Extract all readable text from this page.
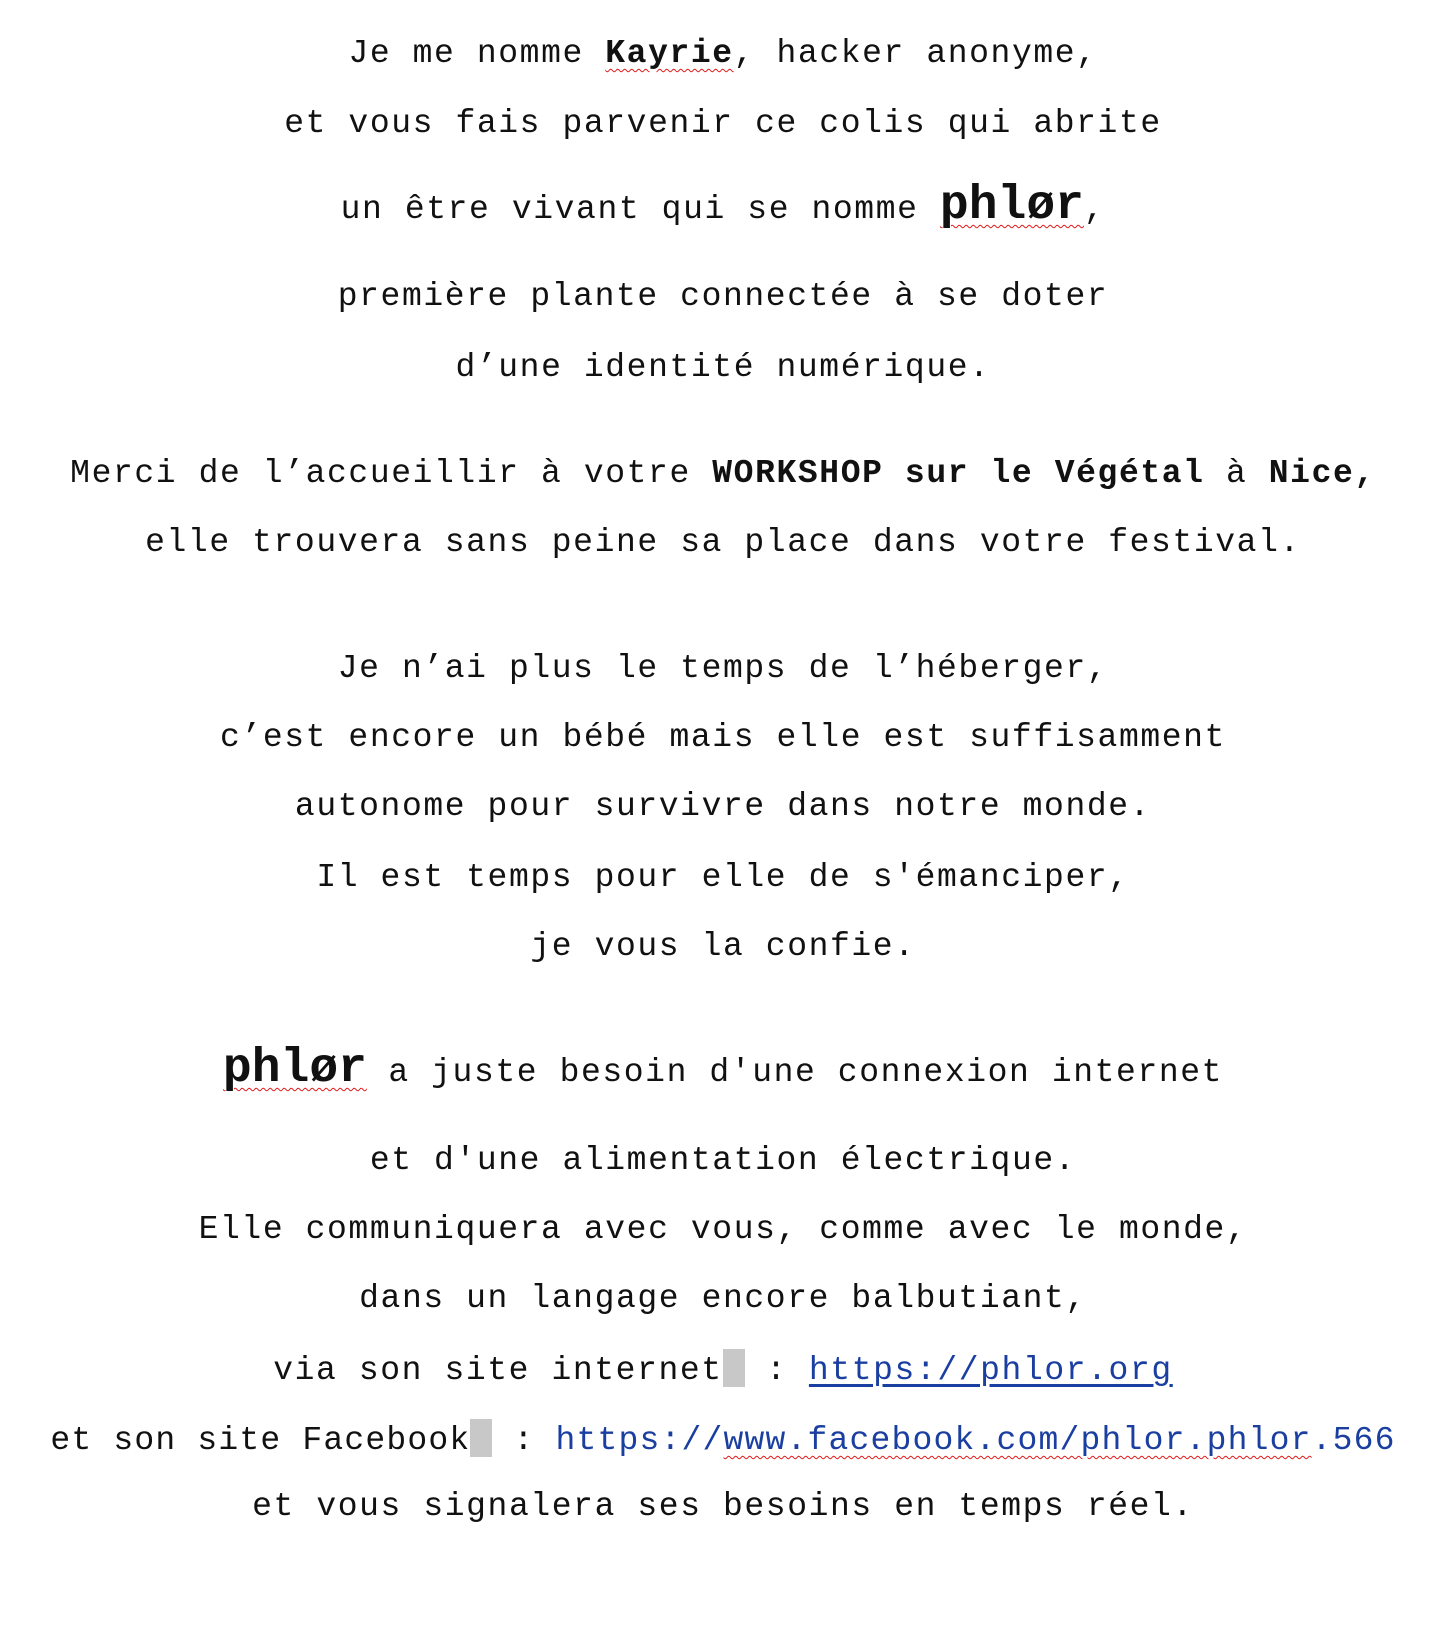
Je me nomme Kayrie, hacker anonyme,
et vous fais parvenir ce colis qui abrite
un être vivant qui se nomme phlør,
première plante connectée à se doter
d’une identité numérique.
Merci de l’accueillir à votre WORKSHOP sur le Végétal à Nice,
elle trouvera sans peine sa place dans votre festival.
Je n’ai plus le temps de l’héberger,
c’est encore un bébé mais elle est suffisamment
autonome pour survivre dans notre monde.
Il est temps pour elle de s'émanciper,
je vous la confie.
phlør a juste besoin d'une connexion internet
et d'une alimentation électrique.
Elle communiquera avec vous, comme avec le monde,
dans un langage encore balbutiant,
via son site internet : https://phlor.org
et son site Facebook : https://www.facebook.com/phlor.phlor.566
et vous signalera ses besoins en temps réel.
